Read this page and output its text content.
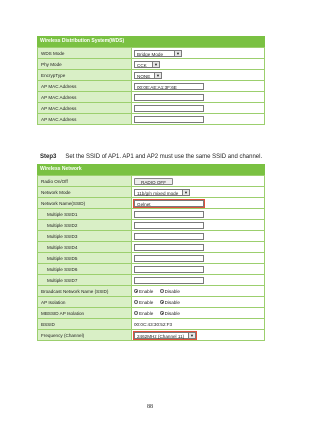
Wireless Distribution System(WDS)
WDS Mode	Bridge Mode ▼

Phy Mode	CCK ▼

EncrypType	NONE ▼

AP MAC Address	00:0E:AE:A1:3F:6E
AP MAC Address	
AP MAC Address	
AP MAC Address	
Step3 Set the SSID of AP1. AP1 and AP2 must use the same SSID and channel.
Wireless Network
Radio On/Off	RADIO OFF
Network Mode	11b/g/n mixed mode ▼

Network Name(SSID)	Gelnet
Multiple SSID1	
Multiple SSID2	
Multiple SSID3	
Multiple SSID4	
Multiple SSID5	
Multiple SSID6	
Multiple SSID7	
Broadcast Network Name (SSID)	Enable Disable
AP Isolation	Enable Disable
MBSSID AP Isolation	Enable Disable
BSSID	00:0C:43:30:52:F3
Frequency (Channel)	2462MHz (Channel 11) ▼
88
